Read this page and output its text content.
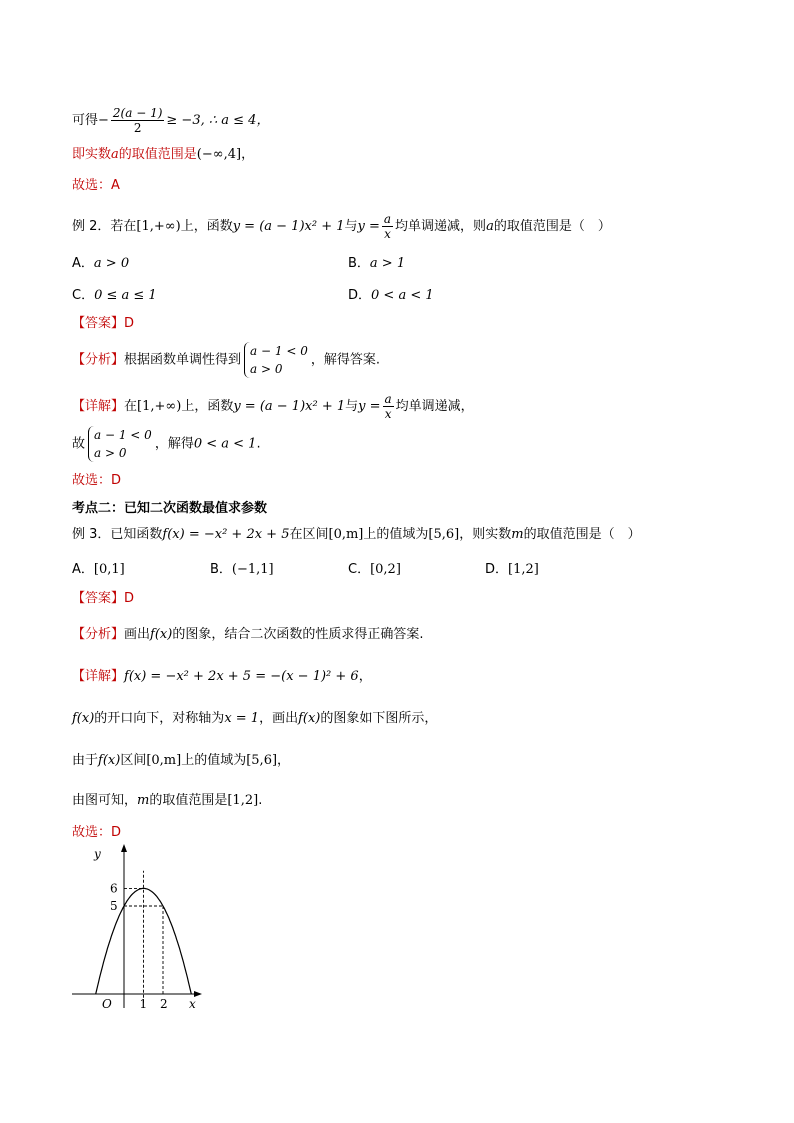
可得− $\frac{2(a - 1)}{2} \ge -3$, ∴ a ≤ 4，
即实数a的取值范围是(−∞,4]，
故选：A
例 2．若在[1,+∞)上，函数y = (a − 1)x² + 1与$y = \frac{a}{x}$ 均单调递减，则a的取值范围是（　）
A．a > 0	B．a > 1
C．0 ≤ a ≤ 1	D．0 < a < 1
【答案】D
【分析】根据函数单调性得到
a − 1 < 0
a > 0
，解得答案.
【详解】在[1,+∞)上，函数y = (a − 1)x² + 1与$y = \frac{a}{x}$ 均单调递减，
故
a − 1 < 0
a > 0
，解得0 < a < 1.
故选：D
考点二：已知二次函数最值求参数
例 3．已知函数f(x) = −x² + 2x + 5在区间[0,m]上的值域为[5,6]，则实数m的取值范围是（　）
A．[0,1]	B．(−1,1]	C．[0,2]	D．[1,2]
【答案】D
【分析】画出f(x)的图象，结合二次函数的性质求得正确答案.
【详解】f(x) = −x² + 2x + 5 = −(x − 1)² + 6，
f(x)的开口向下，对称轴为x = 1，画出f(x)的图象如下图所示，
由于f(x)区间[0,m]上的值域为[5,6]，
由图可知，m的取值范围是[1,2].
故选：D
6
5
1 2
O	x
y
